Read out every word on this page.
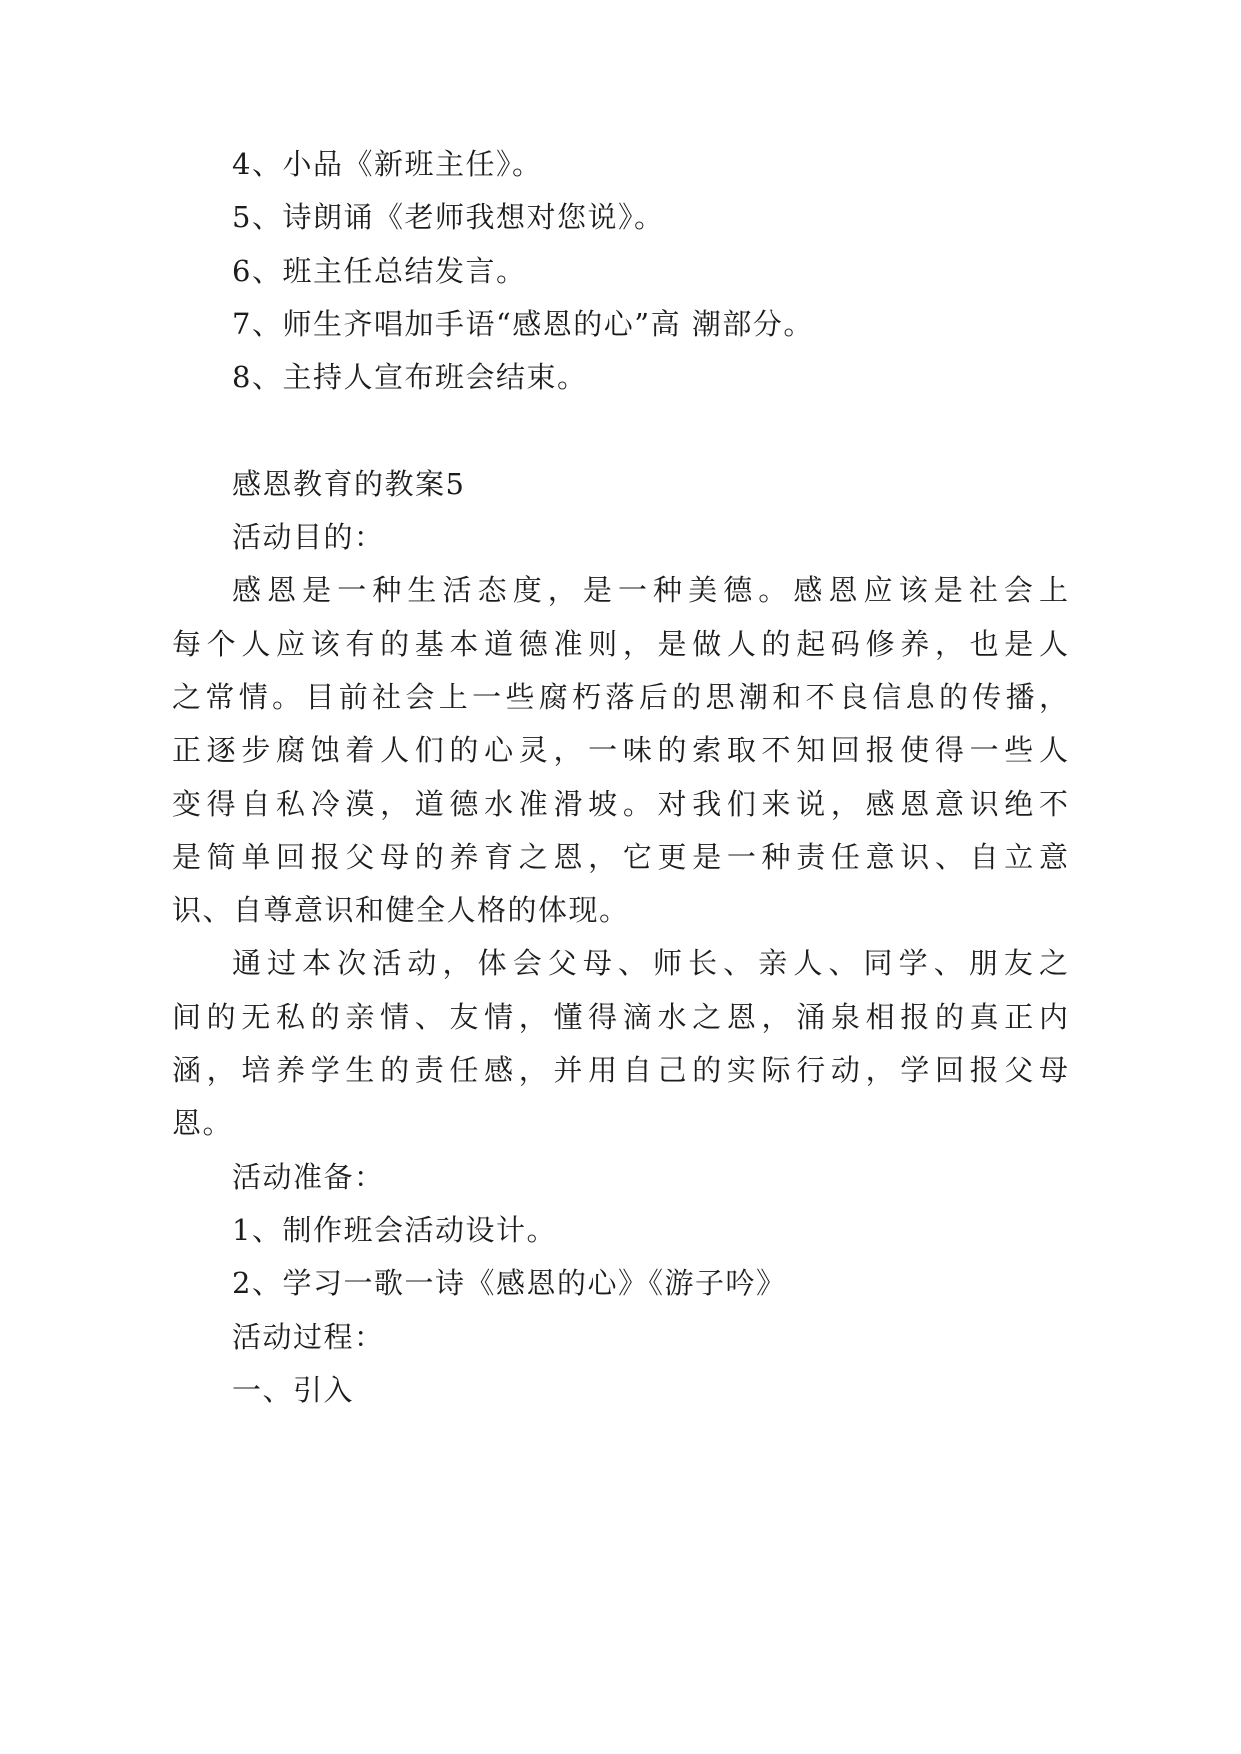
4、小品《新班主任》。
5、诗朗诵《老师我想对您说》。
6、班主任总结发言。
7、师生齐唱加手语“感恩的心”高 潮部分。
8、主持人宣布班会结束。
感恩教育的教案5
活动目的：
感恩是一种生活态度，是一种美德。感恩应该是社会上
每个人应该有的基本道德准则，是做人的起码修养，也是人
之常情。目前社会上一些腐朽落后的思潮和不良信息的传播，
正逐步腐蚀着人们的心灵，一味的索取不知回报使得一些人
变得自私冷漠，道德水准滑坡。对我们来说，感恩意识绝不
是简单回报父母的养育之恩，它更是一种责任意识、自立意
识、自尊意识和健全人格的体现。
通过本次活动，体会父母、师长、亲人、同学、朋友之
间的无私的亲情、友情，懂得滴水之恩，涌泉相报的真正内
涵，培养学生的责任感，并用自己的实际行动，学回报父母
恩。
活动准备：
1、制作班会活动设计。
2、学习一歌一诗《感恩的心》《游子吟》
活动过程：
一、引入
